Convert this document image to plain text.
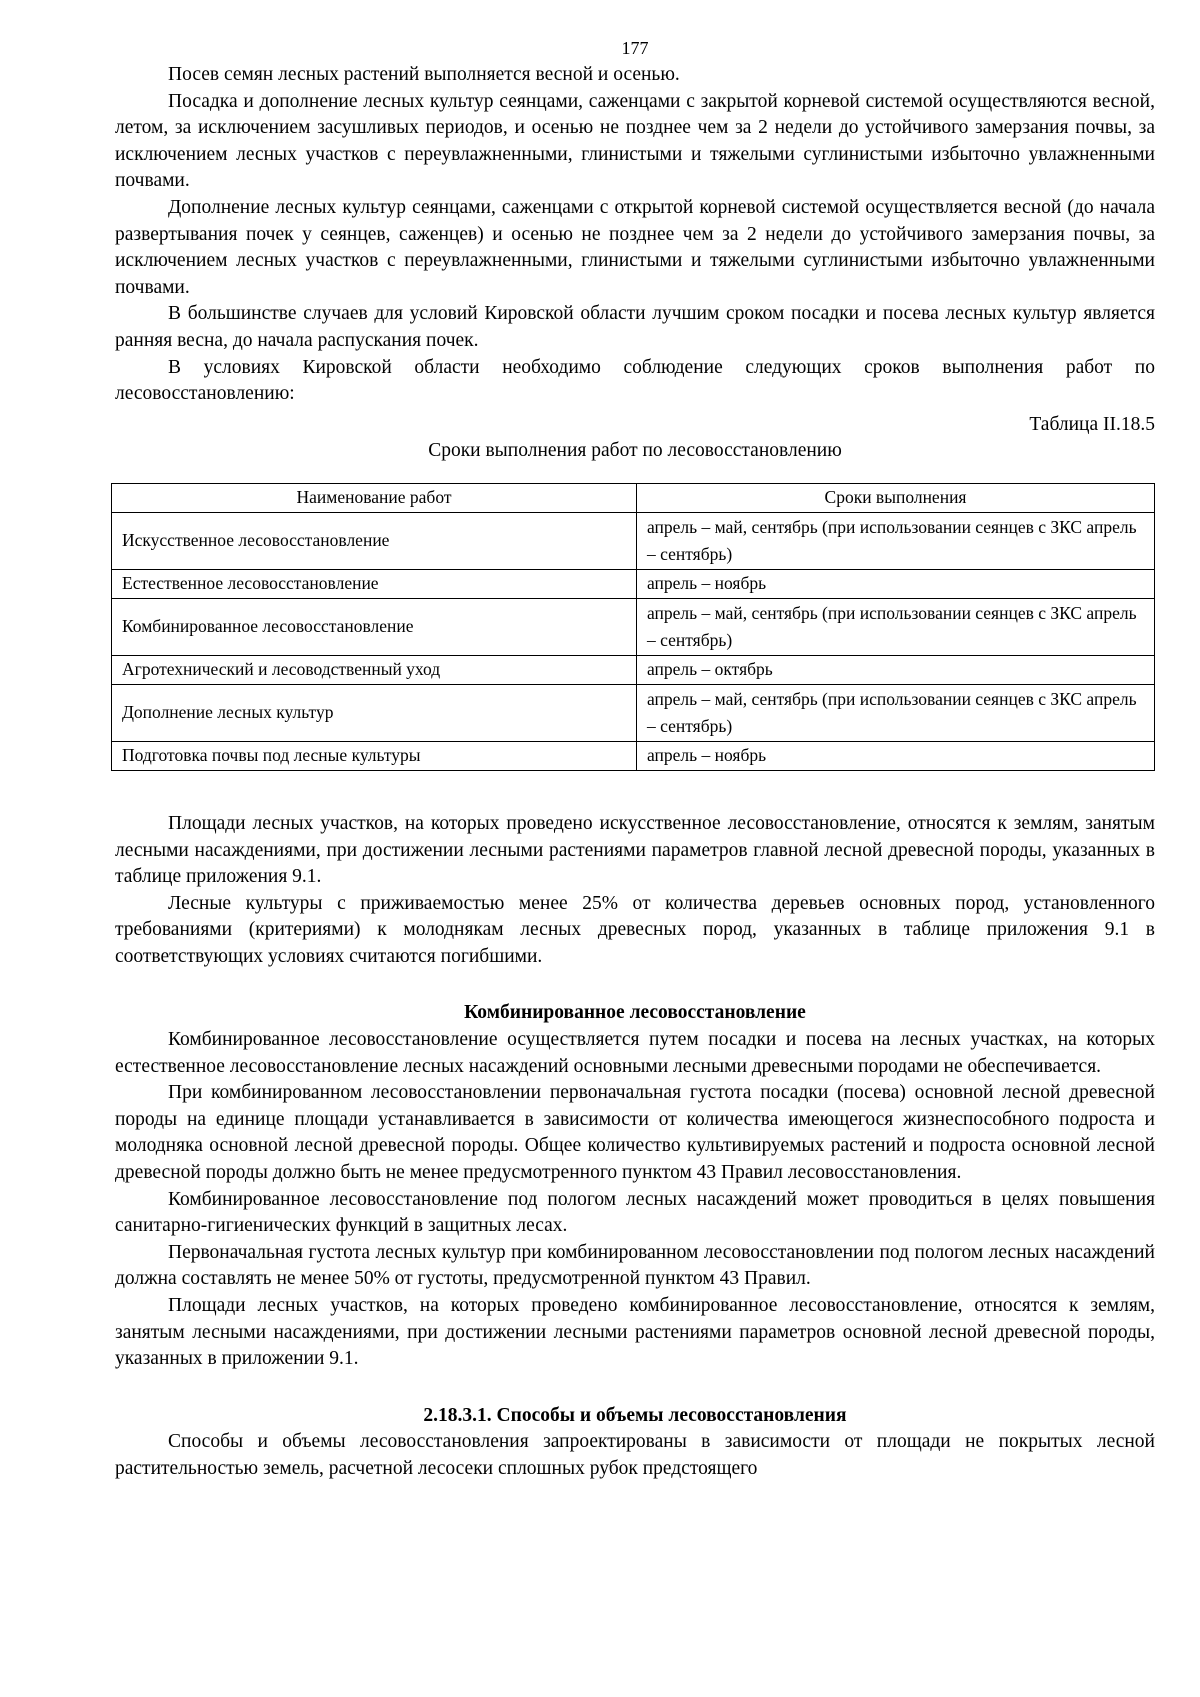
177

Посев семян лесных растений выполняется весной и осенью.

Посадка и дополнение лесных культур сеянцами, саженцами с закрытой корневой системой осуществляются весной, летом, за исключением засушливых периодов, и осенью не позднее чем за 2 недели до устойчивого замерзания почвы, за исключением лесных участков с переувлажненными, глинистыми и тяжелыми суглинистыми избыточно увлажненными почвами.

Дополнение лесных культур сеянцами, саженцами с открытой корневой системой осуществляется весной (до начала развертывания почек у сеянцев, саженцев) и осенью не позднее чем за 2 недели до устойчивого замерзания почвы, за исключением лесных участков с переувлажненными, глинистыми и тяжелыми суглинистыми избыточно увлажненными почвами.

В большинстве случаев для условий Кировской области лучшим сроком посадки и посева лесных культур является ранняя весна, до начала распускания почек.

В условиях Кировской области необходимо соблюдение следующих сроков выполнения работ по лесовосстановлению:

Таблица II.18.5
Сроки выполнения работ по лесовосстановлению
Наименование работ	Сроки выполнения
Искусственное лесовосстановление	апрель – май, сентябрь (при использовании сеянцев с ЗКС апрель – сентябрь)
Естественное лесовосстановление	апрель – ноябрь
Комбинированное лесовосстановление	апрель – май, сентябрь (при использовании сеянцев с ЗКС апрель – сентябрь)
Агротехнический и лесоводственный уход	апрель – октябрь
Дополнение лесных культур	апрель – май, сентябрь (при использовании сеянцев с ЗКС апрель – сентябрь)
Подготовка почвы под лесные культуры	апрель – ноябрь

Площади лесных участков, на которых проведено искусственное лесовосстановление, относятся к землям, занятым лесными насаждениями, при достижении лесными растениями параметров главной лесной древесной породы, указанных в таблице приложения 9.1.

Лесные культуры с приживаемостью менее 25% от количества деревьев основных пород, установленного требованиями (критериями) к молоднякам лесных древесных пород, указанных в таблице приложения 9.1 в соответствующих условиях считаются погибшими.

Комбинированное лесовосстановление

Комбинированное лесовосстановление осуществляется путем посадки и посева на лесных участках, на которых естественное лесовосстановление лесных насаждений основными лесными древесными породами не обеспечивается.

При комбинированном лесовосстановлении первоначальная густота посадки (посева) основной лесной древесной породы на единице площади устанавливается в зависимости от количества имеющегося жизнеспособного подроста и молодняка основной лесной древесной породы. Общее количество культивируемых растений и подроста основной лесной древесной породы должно быть не менее предусмотренного пунктом 43 Правил лесовосстановления.

Комбинированное лесовосстановление под пологом лесных насаждений может проводиться в целях повышения санитарно-гигиенических функций в защитных лесах.

Первоначальная густота лесных культур при комбинированном лесовосстановлении под пологом лесных насаждений должна составлять не менее 50% от густоты, предусмотренной пунктом 43 Правил.

Площади лесных участков, на которых проведено комбинированное лесовосстановление, относятся к землям, занятым лесными насаждениями, при достижении лесными растениями параметров основной лесной древесной породы, указанных в приложении 9.1.

2.18.3.1. Способы и объемы лесовосстановления

Способы и объемы лесовосстановления запроектированы в зависимости от площади не покрытых лесной растительностью земель, расчетной лесосеки сплошных рубок предстоящего
